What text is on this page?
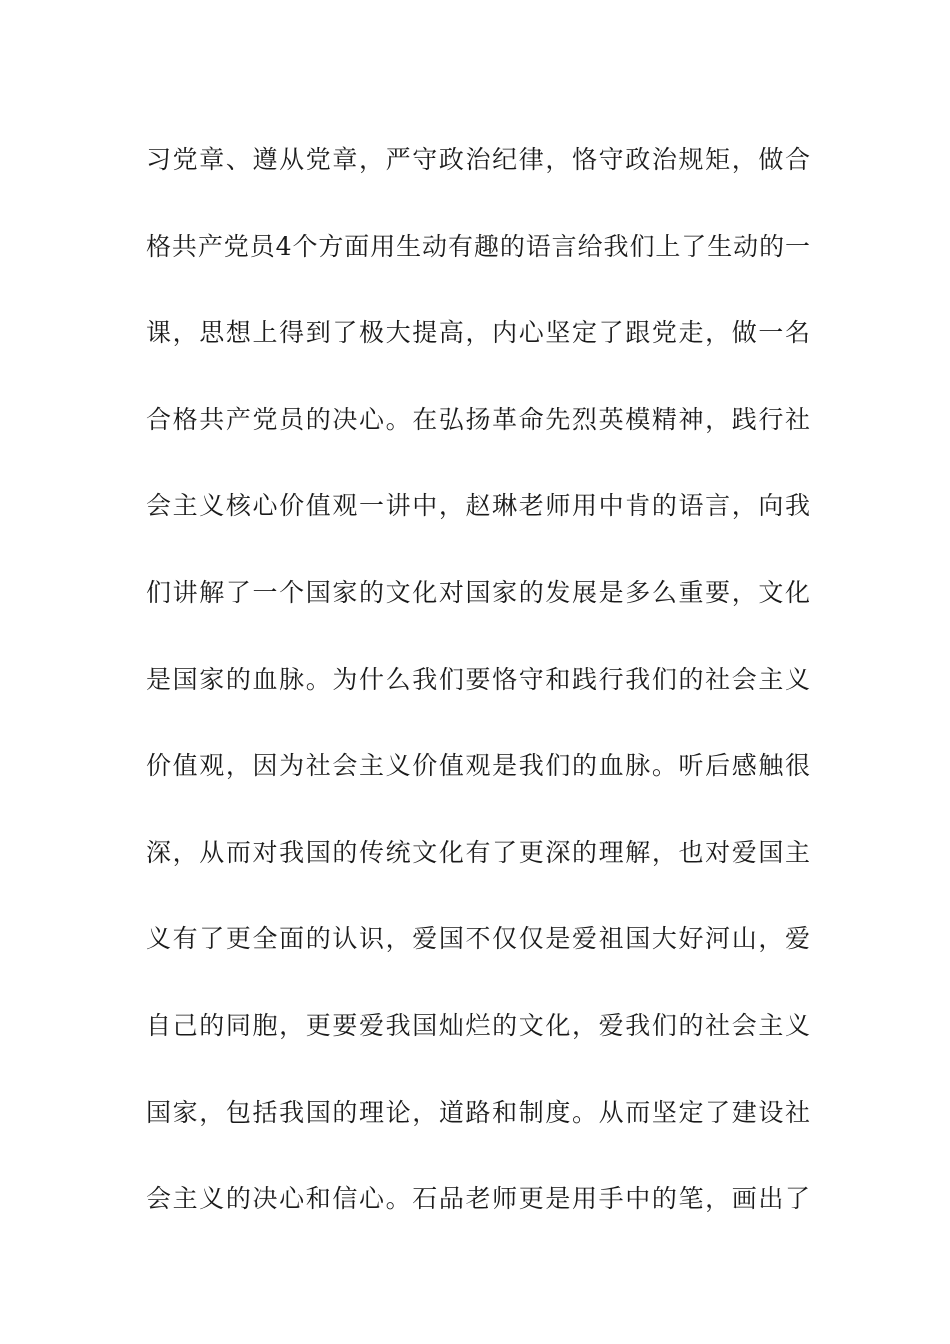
习党章、遵从党章，严守政治纪律，恪守政治规矩，做合
格共产党员4个方面用生动有趣的语言给我们上了生动的一
课，思想上得到了极大提高，内心坚定了跟党走，做一名
合格共产党员的决心。在弘扬革命先烈英模精神，践行社
会主义核心价值观一讲中，赵琳老师用中肯的语言，向我
们讲解了一个国家的文化对国家的发展是多么重要，文化
是国家的血脉。为什么我们要恪守和践行我们的社会主义
价值观，因为社会主义价值观是我们的血脉。听后感触很
深，从而对我国的传统文化有了更深的理解，也对爱国主
义有了更全面的认识，爱国不仅仅是爱祖国大好河山，爱
自己的同胞，更要爱我国灿烂的文化，爱我们的社会主义
国家，包括我国的理论，道路和制度。从而坚定了建设社
会主义的决心和信心。石品老师更是用手中的笔，画出了
